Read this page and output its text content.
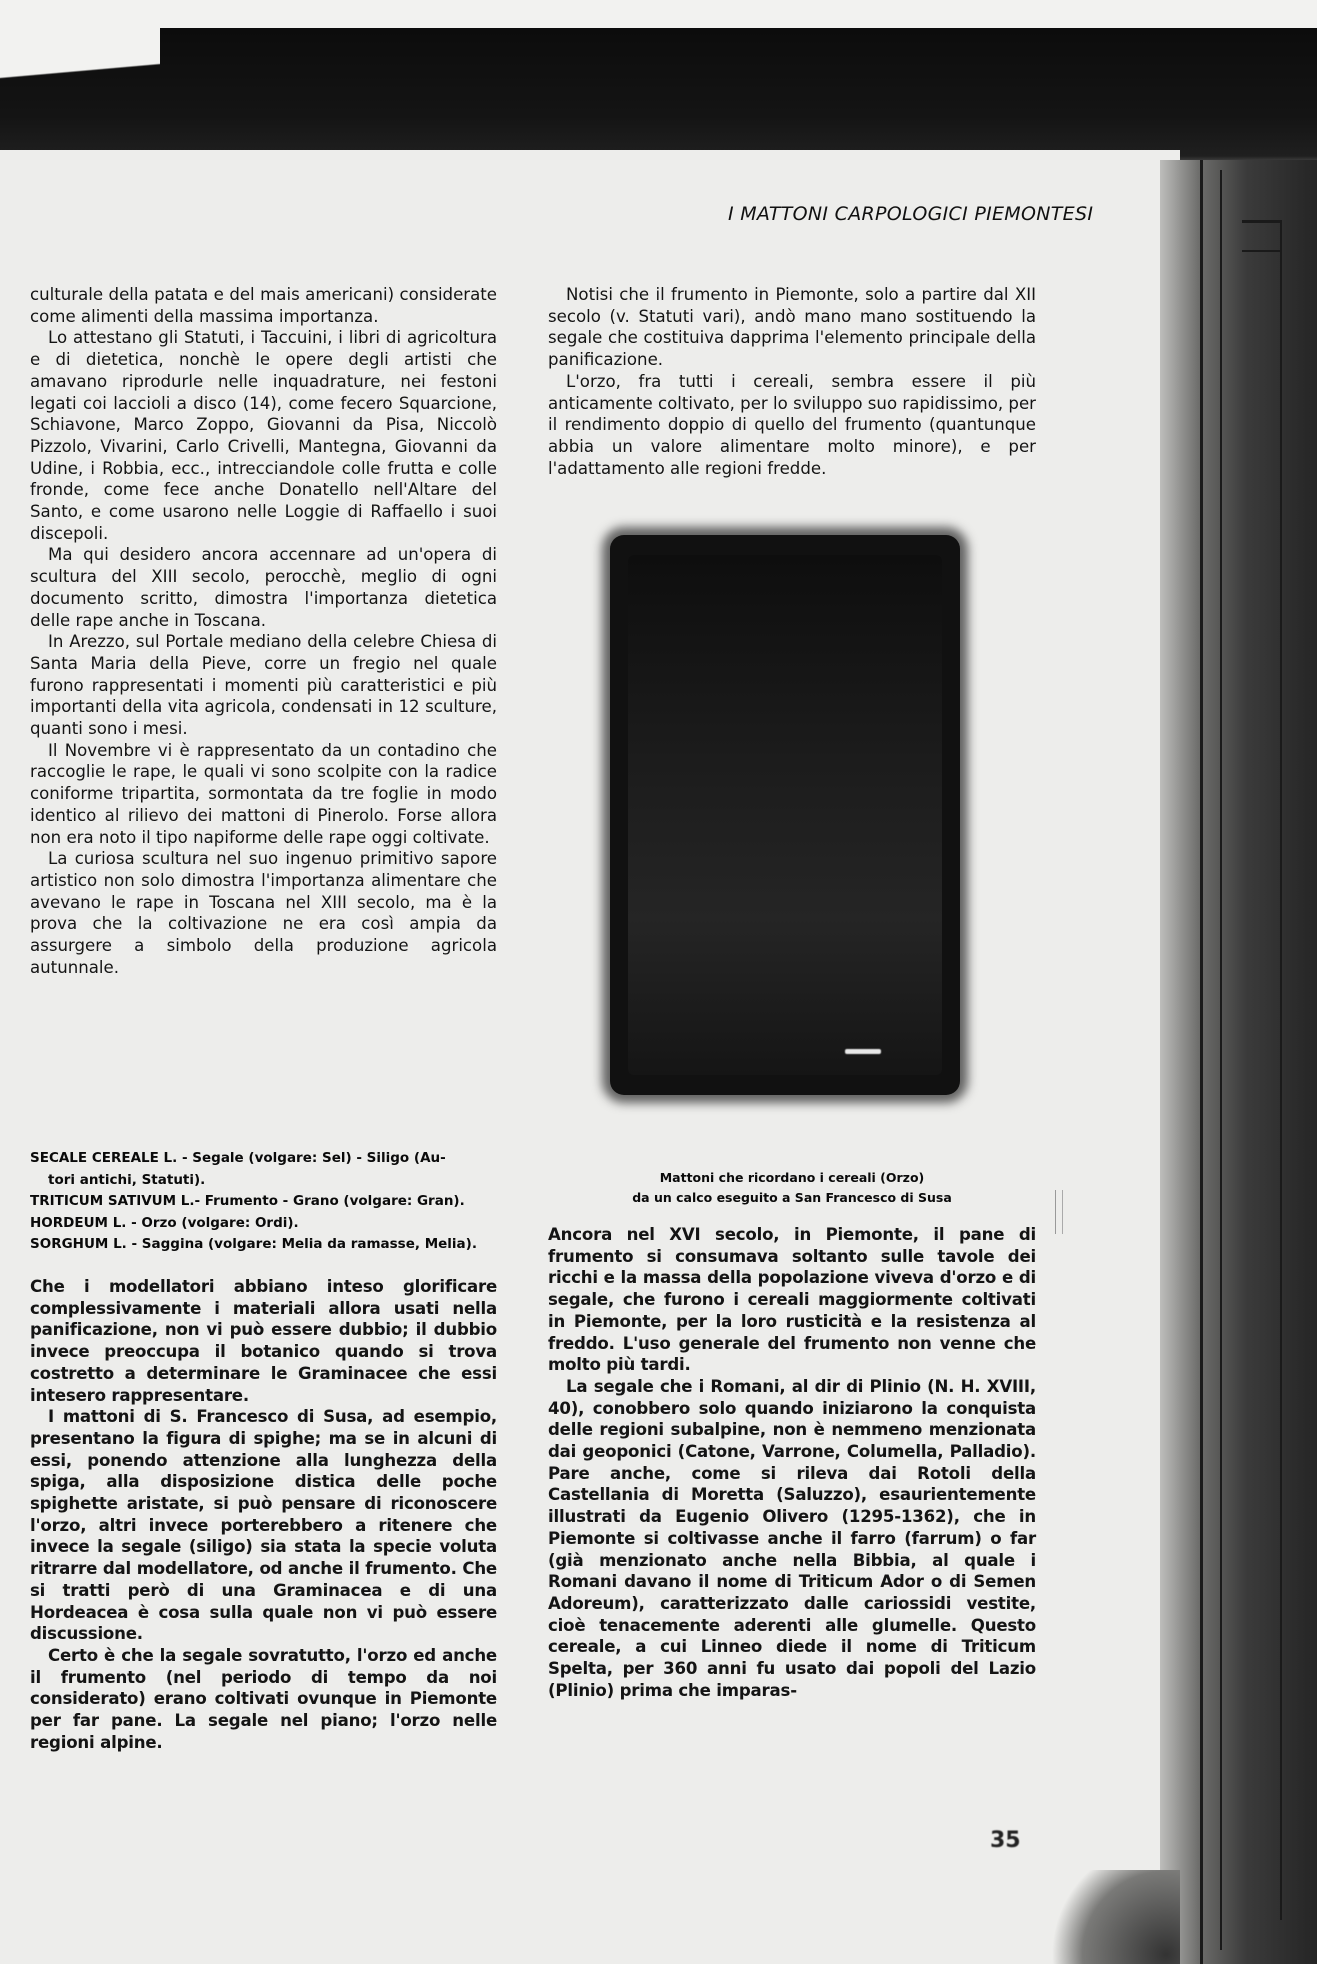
I MATTONI CARPOLOGICI PIEMONTESI

culturale della patata e del mais americani) considerate come alimenti della massima importanza.

Lo attestano gli Statuti, i Taccuini, i libri di agricoltura e di dietetica, nonchè le opere degli artisti che amavano riprodurle nelle inquadrature, nei festoni legati coi laccioli a disco (14), come fecero Squarcione, Schiavone, Marco Zoppo, Giovanni da Pisa, Niccolò Pizzolo, Vivarini, Carlo Crivelli, Mantegna, Giovanni da Udine, i Robbia, ecc., intrecciandole colle frutta e colle fronde, come fece anche Donatello nell'Altare del Santo, e come usarono nelle Loggie di Raffaello i suoi discepoli.

Ma qui desidero ancora accennare ad un'opera di scultura del XIII secolo, perocchè, meglio di ogni documento scritto, dimostra l'importanza dietetica delle rape anche in Toscana.

In Arezzo, sul Portale mediano della celebre Chiesa di Santa Maria della Pieve, corre un fregio nel quale furono rappresentati i momenti più caratteristici e più importanti della vita agricola, condensati in 12 sculture, quanti sono i mesi.

Il Novembre vi è rappresentato da un contadino che raccoglie le rape, le quali vi sono scolpite con la radice coniforme tripartita, sormontata da tre foglie in modo identico al rilievo dei mattoni di Pinerolo. Forse allora non era noto il tipo napiforme delle rape oggi coltivate.

La curiosa scultura nel suo ingenuo primitivo sapore artistico non solo dimostra l'importanza alimentare che avevano le rape in Toscana nel XIII secolo, ma è la prova che la coltivazione ne era così ampia da assurgere a simbolo della produzione agricola autunnale.

SECALE CEREALE L. - Segale (volgare: Sel) - Siligo (Au-
tori antichi, Statuti).
TRITICUM SATIVUM L.- Frumento - Grano (volgare: Gran).
HORDEUM L. - Orzo (volgare: Ordi).
SORGHUM L. - Saggina (volgare: Melia da ramasse, Melia).

Che i modellatori abbiano inteso glorificare complessivamente i materiali allora usati nella panificazione, non vi può essere dubbio; il dubbio invece preoccupa il botanico quando si trova costretto a determinare le Graminacee che essi intesero rappresentare.

I mattoni di S. Francesco di Susa, ad esempio, presentano la figura di spighe; ma se in alcuni di essi, ponendo attenzione alla lunghezza della spiga, alla disposizione distica delle poche spighette aristate, si può pensare di riconoscere l'orzo, altri invece porterebbero a ritenere che invece la segale (siligo) sia stata la specie voluta ritrarre dal modellatore, od anche il frumento. Che si tratti però di una Graminacea e di una Hordeacea è cosa sulla quale non vi può essere discussione.

Certo è che la segale sovratutto, l'orzo ed anche il frumento (nel periodo di tempo da noi considerato) erano coltivati ovunque in Piemonte per far pane. La segale nel piano; l'orzo nelle regioni alpine.

Notisi che il frumento in Piemonte, solo a partire dal XII secolo (v. Statuti vari), andò mano mano sostituendo la segale che costituiva dapprima l'elemento principale della panificazione.

L'orzo, fra tutti i cereali, sembra essere il più anticamente coltivato, per lo sviluppo suo rapidissimo, per il rendimento doppio di quello del frumento (quantunque abbia un valore alimentare molto minore), e per l'adattamento alle regioni fredde.

Mattoni che ricordano i cereali (Orzo)
da un calco eseguito a San Francesco di Susa

Ancora nel XVI secolo, in Piemonte, il pane di frumento si consumava soltanto sulle tavole dei ricchi e la massa della popolazione viveva d'orzo e di segale, che furono i cereali maggiormente coltivati in Piemonte, per la loro rusticità e la resistenza al freddo. L'uso generale del frumento non venne che molto più tardi.

La segale che i Romani, al dir di Plinio (N. H. XVIII, 40), conobbero solo quando iniziarono la conquista delle regioni subalpine, non è nemmeno menzionata dai geoponici (Catone, Varrone, Columella, Palladio). Pare anche, come si rileva dai Rotoli della Castellania di Moretta (Saluzzo), esaurientemente illustrati da Eugenio Olivero (1295-1362), che in Piemonte si coltivasse anche il farro (farrum) o far (già menzionato anche nella Bibbia, al quale i Romani davano il nome di Triticum Ador o di Semen Adoreum), caratterizzato dalle cariossidi vestite, cioè tenacemente aderenti alle glumelle. Questo cereale, a cui Linneo diede il nome di Triticum Spelta, per 360 anni fu usato dai popoli del Lazio (Plinio) prima che imparas-

35
